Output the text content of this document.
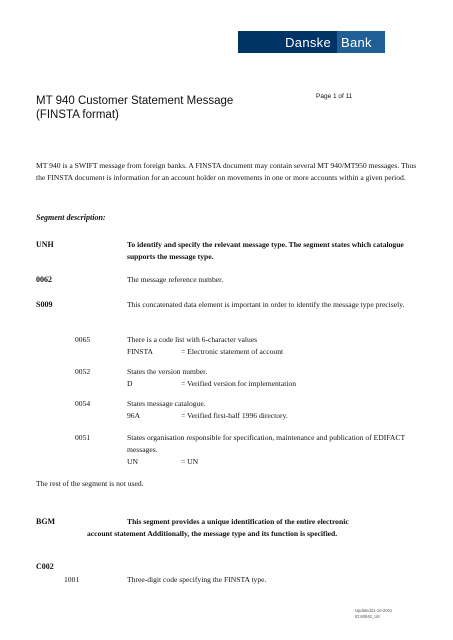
Danske Bank
MT 940 Customer Statement Message
(FINSTA format)
Page 1 of 11
MT 940 is a SWIFT message from foreign banks. A FINSTA document may contain several MT 940/MT950 messages. Thus the FINSTA document is information for an account holder on movements in one or more accounts within a given period.
Segment description:
UNH	To identify and specify the relevant message type. The segment states which catalogue supports the message type.
0062	The message reference number.
S009	This concatenated data element is important in order to identify the message type precisely.
0065	There is a code list with 6-character values
FINSTA	= Electronic statement of account
0052	States the version number.
D	= Verified version for implementation
0054	States message catalogue.
96A	= Verified first-half 1996 directory.
0051	States organisation responsible for specification, maintenance and publication of EDIFACT messages.
UN	= UN
The rest of the segment is not used.
BGM	This segment provides a unique identification of the entire electronic
account statement Additionally, the message type and its function is specified.
C002
1001	Three-digit code specifying the FINSTA type.
Updated31-10-2001
ID:MI940_UK
